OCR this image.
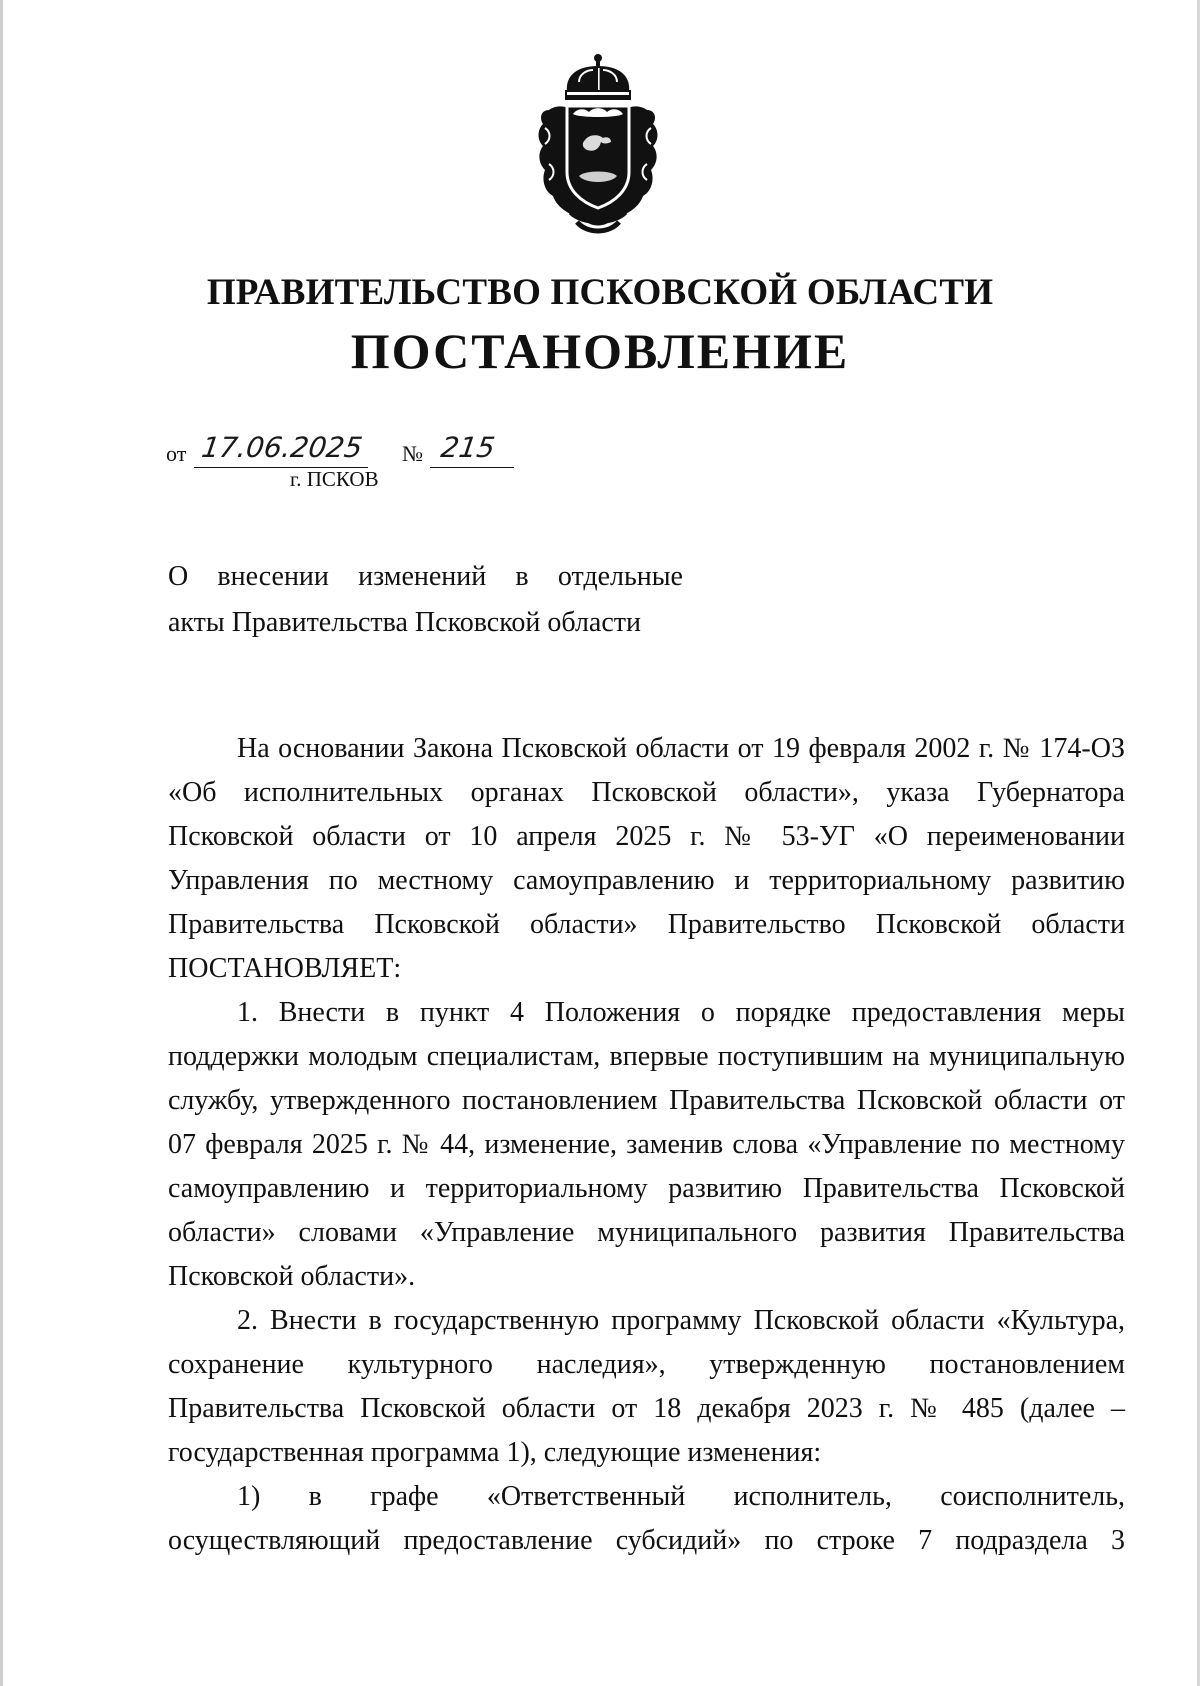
ПРАВИТЕЛЬСТВО ПСКОВСКОЙ ОБЛАСТИ
ПОСТАНОВЛЕНИЕ
от 17.06.2025 № 215
г. ПСКОВ
О внесении изменений в отдельные
акты Правительства Псковской области

На основании Закона Псковской области от 19 февраля 2002 г. № 174-ОЗ «Об исполнительных органах Псковской области», указа Губернатора Псковской области от 10 апреля 2025 г. № 53-УГ «О переименовании Управления по местному самоуправлению и территориальному развитию Правительства Псковской области» Правительство Псковской области ПОСТАНОВЛЯЕТ:

1. Внести в пункт 4 Положения о порядке предоставления меры поддержки молодым специалистам, впервые поступившим на муниципальную службу, утвержденного постановлением Правительства Псковской области от 07 февраля 2025 г. № 44, изменение, заменив слова «Управление по местному самоуправлению и территориальному развитию Правительства Псковской области» словами «Управление муниципального развития Правительства Псковской области».

2. Внести в государственную программу Псковской области «Культура, сохранение культурного наследия», утвержденную постановлением Правительства Псковской области от 18 декабря 2023 г. № 485 (далее – государственная программа 1), следующие изменения:

1) в графе «Ответственный исполнитель, соисполнитель, осуществляющий предоставление субсидий» по строке 7 подраздела 3
